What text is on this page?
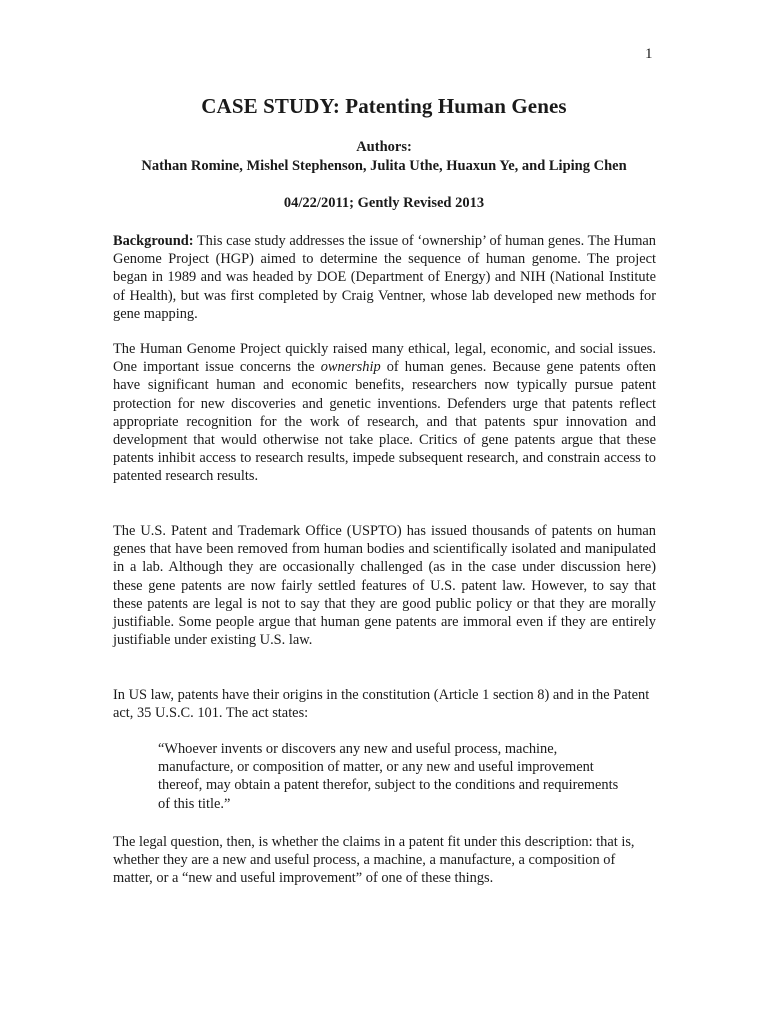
1
CASE STUDY: Patenting Human Genes
Authors:
Nathan Romine, Mishel Stephenson, Julita Uthe, Huaxun Ye, and Liping Chen
04/22/2011; Gently Revised 2013

Background: This case study addresses the issue of ‘ownership’ of human genes. The Human Genome Project (HGP) aimed to determine the sequence of human genome. The project began in 1989 and was headed by DOE (Department of Energy) and NIH (National Institute of Health), but was first completed by Craig Ventner, whose lab developed new methods for gene mapping.

The Human Genome Project quickly raised many ethical, legal, economic, and social issues. One important issue concerns the ownership of human genes. Because gene patents often have significant human and economic benefits, researchers now typically pursue patent protection for new discoveries and genetic inventions. Defenders urge that patents reflect appropriate recognition for the work of research, and that patents spur innovation and development that would otherwise not take place. Critics of gene patents argue that these patents inhibit access to research results, impede subsequent research, and constrain access to patented research results.

The U.S. Patent and Trademark Office (USPTO) has issued thousands of patents on human genes that have been removed from human bodies and scientifically isolated and manipulated in a lab. Although they are occasionally challenged (as in the case under discussion here) these gene patents are now fairly settled features of U.S. patent law. However, to say that these patents are legal is not to say that they are good public policy or that they are morally justifiable. Some people argue that human gene patents are immoral even if they are entirely justifiable under existing U.S. law.

In US law, patents have their origins in the constitution (Article 1 section 8) and in the Patent act, 35 U.S.C. 101. The act states:

“Whoever invents or discovers any new and useful process, machine, manufacture, or composition of matter, or any new and useful improvement thereof, may obtain a patent therefor, subject to the conditions and requirements of this title.”

The legal question, then, is whether the claims in a patent fit under this description: that is, whether they are a new and useful process, a machine, a manufacture, a composition of matter, or a “new and useful improvement” of one of these things.
